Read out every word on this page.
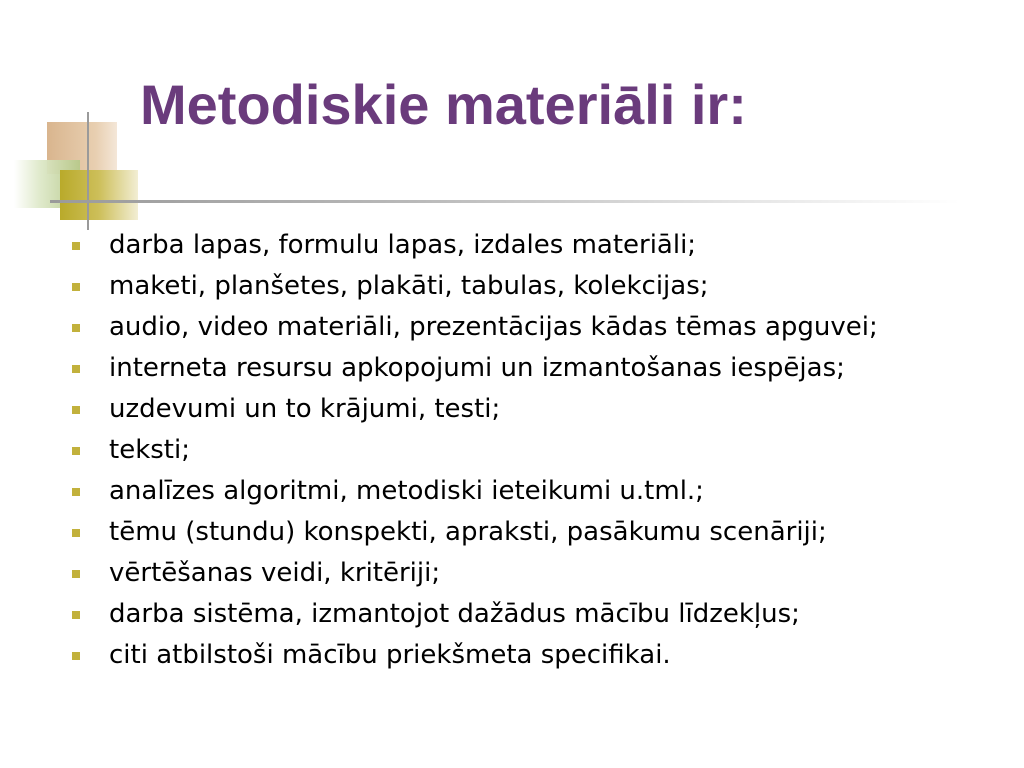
Metodiskie materiāli ir:
darba lapas, formulu lapas, izdales materiāli;
maketi, planšetes, plakāti, tabulas, kolekcijas;
audio, video materiāli, prezentācijas kādas tēmas apguvei;
interneta resursu apkopojumi un izmantošanas iespējas;
uzdevumi un to krājumi, testi;
teksti;
analīzes algoritmi, metodiski ieteikumi u.tml.;
tēmu (stundu) konspekti, apraksti, pasākumu scenāriji;
vērtēšanas veidi, kritēriji;
darba sistēma, izmantojot dažādus mācību līdzekļus;
citi atbilstoši mācību priekšmeta specifikai.
